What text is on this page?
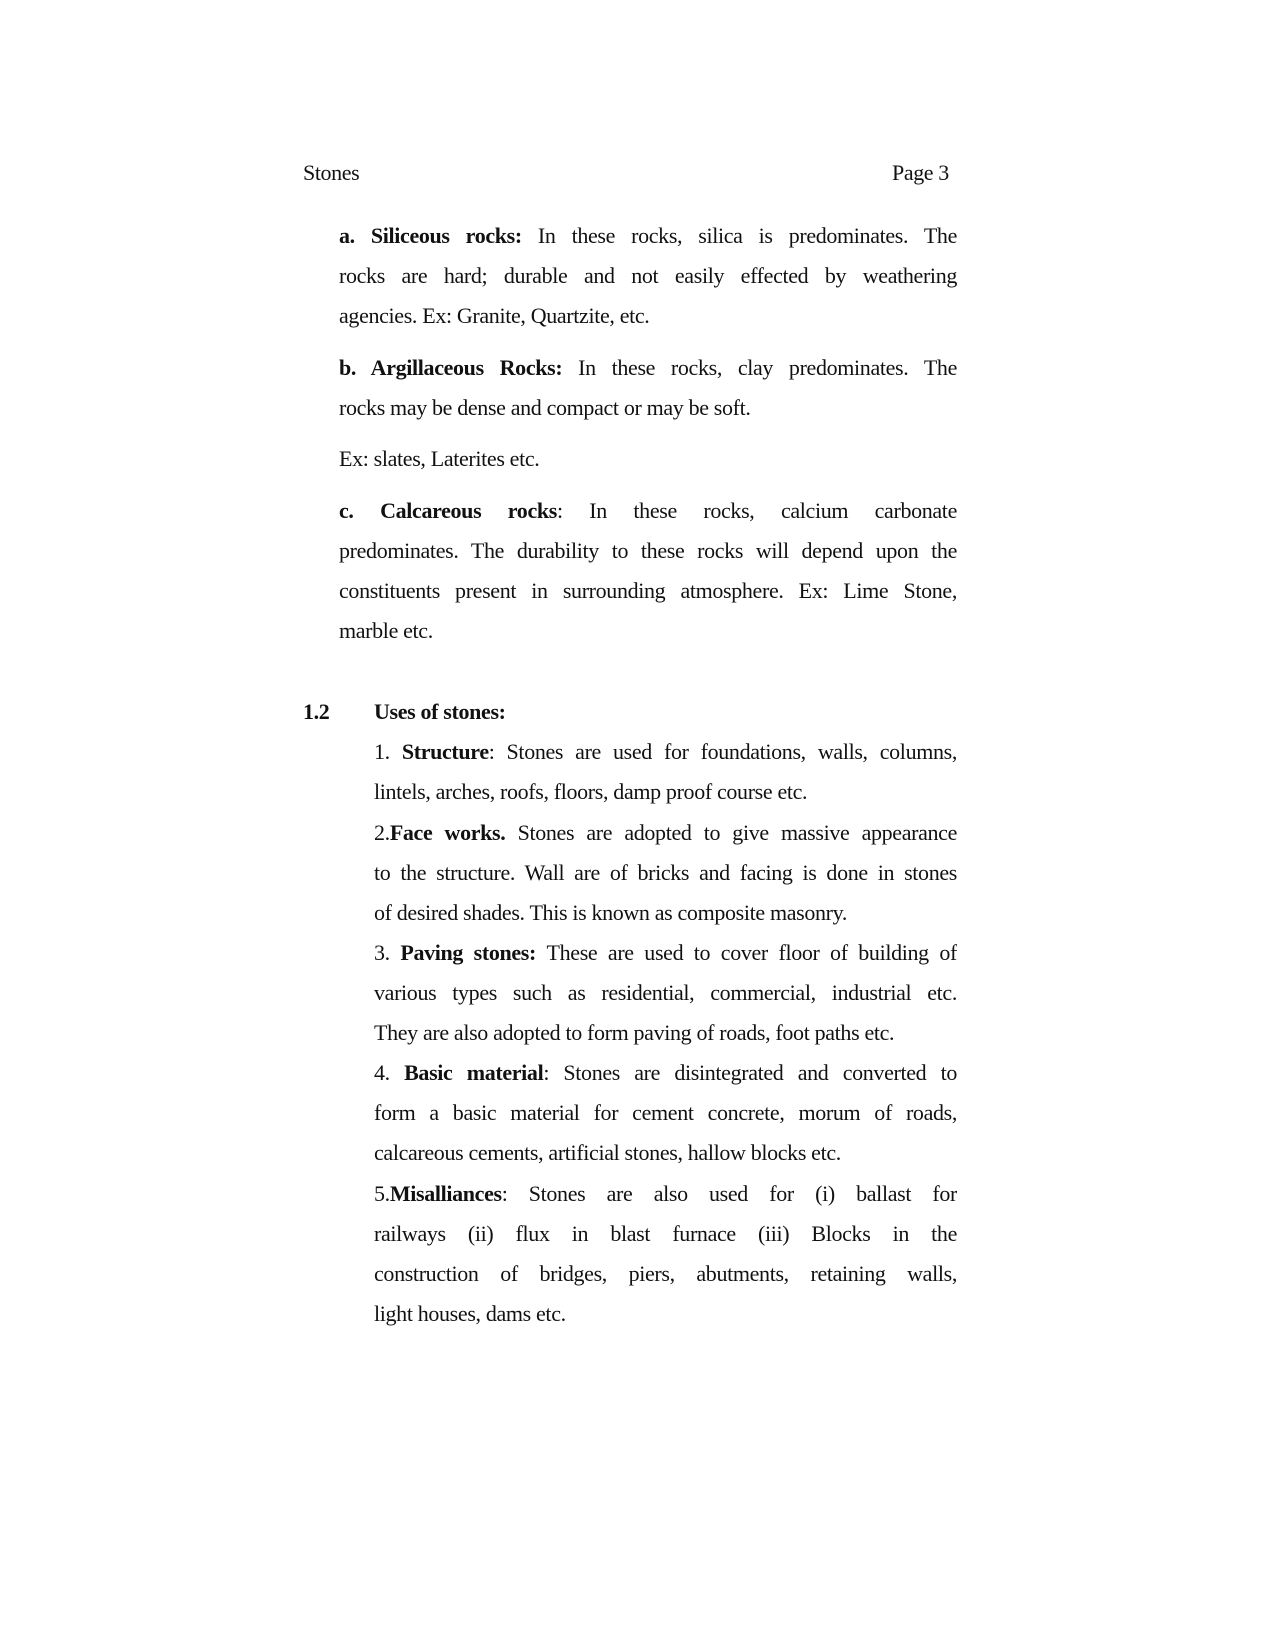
Stones	Page 3
a. Siliceous rocks: In these rocks, silica is predominates. The
rocks are hard; durable and not easily effected by weathering
agencies. Ex: Granite, Quartzite, etc.
b. Argillaceous Rocks: In these rocks, clay predominates. The
rocks may be dense and compact or may be soft.
Ex: slates, Laterites etc.
c. Calcareous rocks: In these rocks, calcium carbonate
predominates. The durability to these rocks will depend upon the
constituents present in surrounding atmosphere. Ex: Lime Stone,
marble etc.
1.2 Uses of stones:
1. Structure: Stones are used for foundations, walls, columns,
lintels, arches, roofs, floors, damp proof course etc.
2.Face works. Stones are adopted to give massive appearance
to the structure. Wall are of bricks and facing is done in stones
of desired shades. This is known as composite masonry.
3. Paving stones: These are used to cover floor of building of
various types such as residential, commercial, industrial etc.
They are also adopted to form paving of roads, foot paths etc.
4. Basic material: Stones are disintegrated and converted to
form a basic material for cement concrete, morum of roads,
calcareous cements, artificial stones, hallow blocks etc.
5.Misalliances: Stones are also used for (i) ballast for
railways (ii) flux in blast furnace (iii) Blocks in the
construction of bridges, piers, abutments, retaining walls,
light houses, dams etc.
